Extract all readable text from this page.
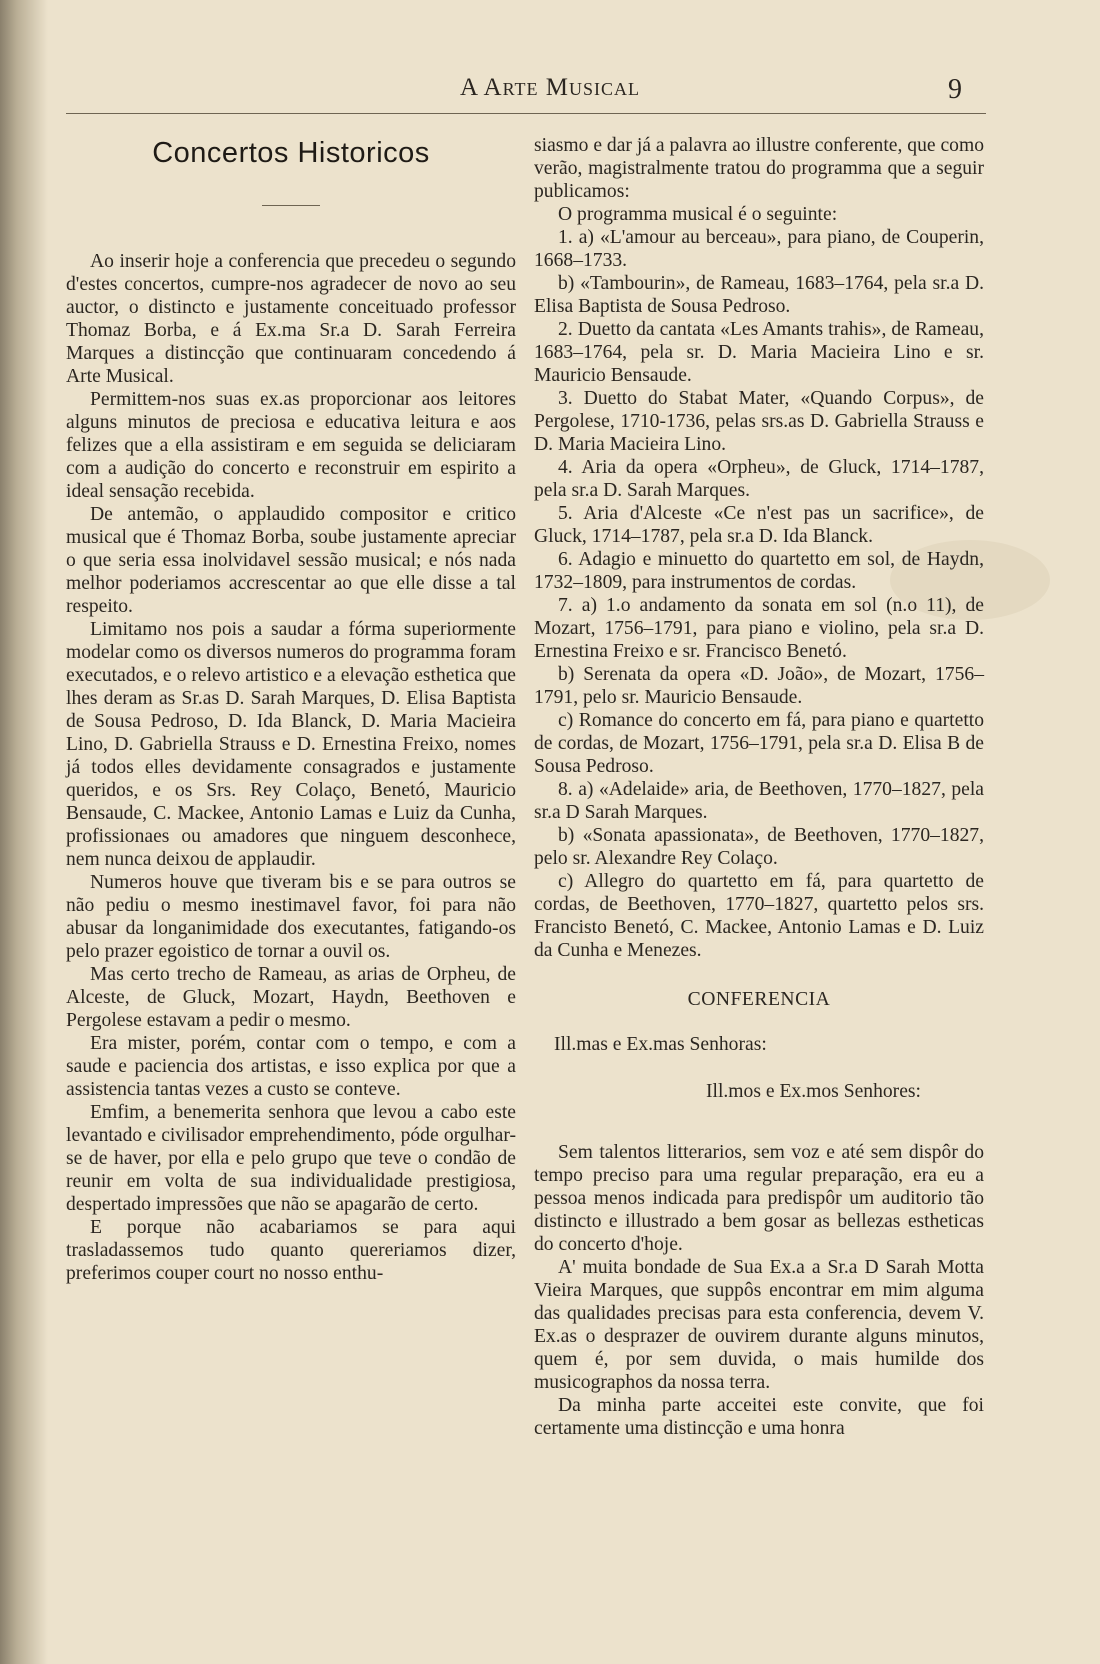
A Arte Musical	9
Concertos Historicos

Ao inserir hoje a conferencia que precedeu o segundo d'estes concertos, cumpre-nos agradecer de novo ao seu auctor, o distincto e justamente conceituado professor Thomaz Borba, e á Ex.ma Sr.a D. Sarah Ferreira Marques a distincção que continuaram concedendo á Arte Musical.

Permittem-nos suas ex.as proporcionar aos leitores alguns minutos de preciosa e educativa leitura e aos felizes que a ella assistiram e em seguida se deliciaram com a audição do concerto e reconstruir em espirito a ideal sensação recebida.

De antemão, o applaudido compositor e critico musical que é Thomaz Borba, soube justamente apreciar o que seria essa inolvidavel sessão musical; e nós nada melhor poderiamos accrescentar ao que elle disse a tal respeito.

Limitamo nos pois a saudar a fórma superiormente modelar como os diversos numeros do programma foram executados, e o relevo artistico e a elevação esthetica que lhes deram as Sr.as D. Sarah Marques, D. Elisa Baptista de Sousa Pedroso, D. Ida Blanck, D. Maria Macieira Lino, D. Gabriella Strauss e D. Ernestina Freixo, nomes já todos elles devidamente consagrados e justamente queridos, e os Srs. Rey Colaço, Benetó, Mauricio Bensaude, C. Mackee, Antonio Lamas e Luiz da Cunha, profissionaes ou amadores que ninguem desconhece, nem nunca deixou de applaudir.

Numeros houve que tiveram bis e se para outros se não pediu o mesmo inestimavel favor, foi para não abusar da longanimidade dos executantes, fatigando-os pelo prazer egoistico de tornar a ouvil os.

Mas certo trecho de Rameau, as arias de Orpheu, de Alceste, de Gluck, Mozart, Haydn, Beethoven e Pergolese estavam a pedir o mesmo.

Era mister, porém, contar com o tempo, e com a saude e paciencia dos artistas, e isso explica por que a assistencia tantas vezes a custo se conteve.

Emfim, a benemerita senhora que levou a cabo este levantado e civilisador emprehendimento, póde orgulhar-se de haver, por ella e pelo grupo que teve o condão de reunir em volta de sua individualidade prestigiosa, despertado impressões que não se apagarão de certo.

E porque não acabariamos se para aqui trasladassemos tudo quanto quereriamos dizer, preferimos couper court no nosso enthu-

siasmo e dar já a palavra ao illustre conferente, que como verão, magistralmente tratou do programma que a seguir publicamos:

O programma musical é o seguinte:

1. a) «L'amour au berceau», para piano, de Couperin, 1668–1733.

b) «Tambourin», de Rameau, 1683–1764, pela sr.a D. Elisa Baptista de Sousa Pedroso.

2. Duetto da cantata «Les Amants trahis», de Rameau, 1683–1764, pela sr. D. Maria Macieira Lino e sr. Mauricio Bensaude.

3. Duetto do Stabat Mater, «Quando Corpus», de Pergolese, 1710-1736, pelas srs.as D. Gabriella Strauss e D. Maria Macieira Lino.

4. Aria da opera «Orpheu», de Gluck, 1714–1787, pela sr.a D. Sarah Marques.

5. Aria d'Alceste «Ce n'est pas un sacrifice», de Gluck, 1714–1787, pela sr.a D. Ida Blanck.

6. Adagio e minuetto do quartetto em sol, de Haydn, 1732–1809, para instrumentos de cordas.

7. a) 1.o andamento da sonata em sol (n.o 11), de Mozart, 1756–1791, para piano e violino, pela sr.a D. Ernestina Freixo e sr. Francisco Benetó.

b) Serenata da opera «D. João», de Mozart, 1756–1791, pelo sr. Mauricio Bensaude.

c) Romance do concerto em fá, para piano e quartetto de cordas, de Mozart, 1756–1791, pela sr.a D. Elisa B de Sousa Pedroso.

8. a) «Adelaide» aria, de Beethoven, 1770–1827, pela sr.a D Sarah Marques.

b) «Sonata apassionata», de Beethoven, 1770–1827, pelo sr. Alexandre Rey Colaço.

c) Allegro do quartetto em fá, para quartetto de cordas, de Beethoven, 1770–1827, quartetto pelos srs. Francisto Benetó, C. Mackee, Antonio Lamas e D. Luiz da Cunha e Menezes.

CONFERENCIA

Ill.mas e Ex.mas Senhoras:

Ill.mos e Ex.mos Senhores:

Sem talentos litterarios, sem voz e até sem dispôr do tempo preciso para uma regular preparação, era eu a pessoa menos indicada para predispôr um auditorio tão distincto e illustrado a bem gosar as bellezas estheticas do concerto d'hoje.

A' muita bondade de Sua Ex.a a Sr.a D Sarah Motta Vieira Marques, que suppôs encontrar em mim alguma das qualidades precisas para esta conferencia, devem V. Ex.as o desprazer de ouvirem durante alguns minutos, quem é, por sem duvida, o mais humilde dos musicographos da nossa terra.

Da minha parte acceitei este convite, que foi certamente uma distincção e uma honra
